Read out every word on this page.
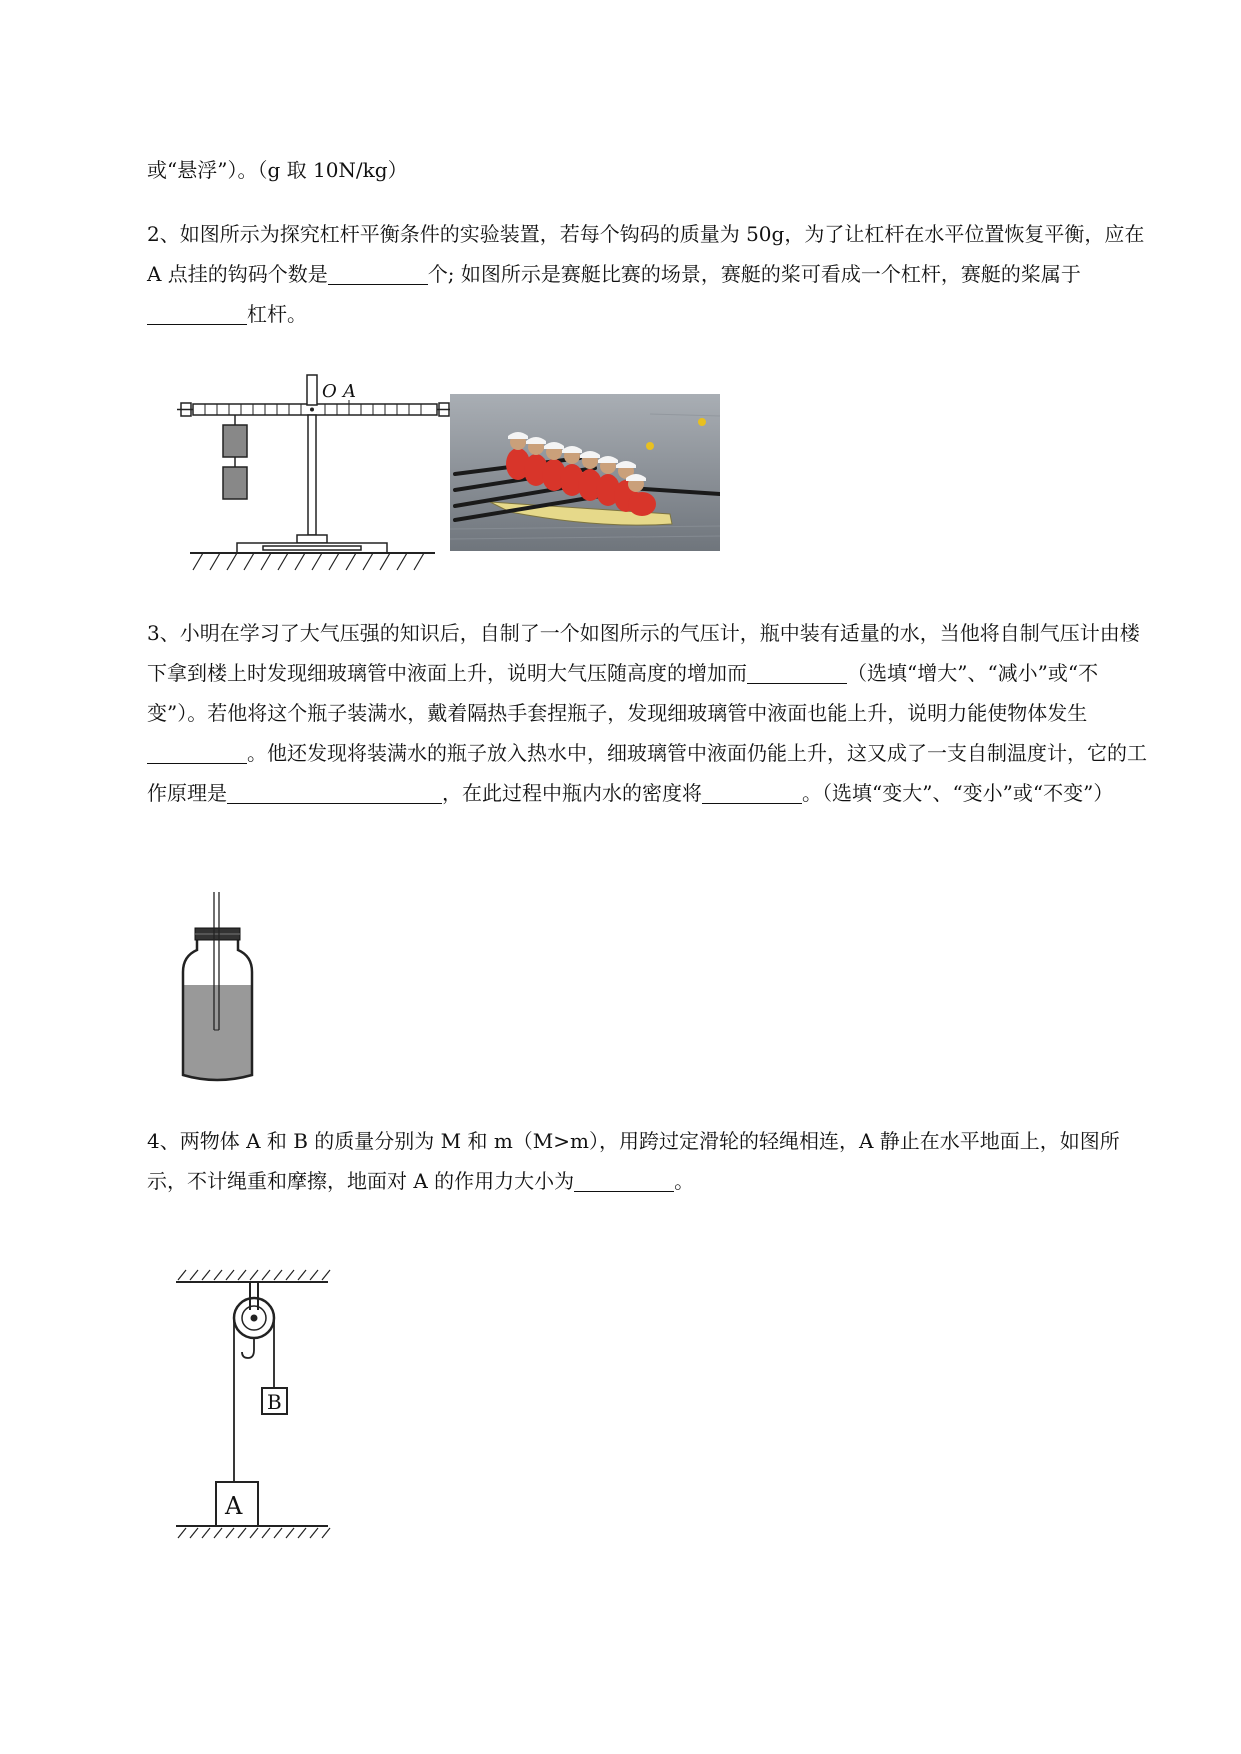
或“悬浮”）。（g 取 10N/kg）

2、如图所示为探究杠杆平衡条件的实验装置，若每个钩码的质量为 50g，为了让杠杆在水平位置恢复平衡，应在 A 点挂的钩码个数是	个; 如图所示是赛艇比赛的场景，赛艇的桨可看成一个杠杆，赛艇的桨属于杠杆。

O A

3、小明在学习了大气压强的知识后，自制了一个如图所示的气压计，瓶中装有适量的水，当他将自制气压计由楼下拿到楼上时发现细玻璃管中液面上升，说明大气压随高度的增加而	（选填“增大”、“减小”或“不变”）。若他将这个瓶子装满水，戴着隔热手套捏瓶子，发现细玻璃管中液面也能上升，说明力能使物体发生。他还发现将装满水的瓶子放入热水中，细玻璃管中液面仍能上升，这又成了一支自制温度计，它的工作原理是	，在此过程中瓶内水的密度将	。（选填“变大”、“变小”或“不变”）

4、两物体 A 和 B 的质量分别为 M 和 m（M>m），用跨过定滑轮的轻绳相连，A 静止在水平地面上，如图所示，不计绳重和摩擦，地面对 A 的作用力大小为	。

B
A
